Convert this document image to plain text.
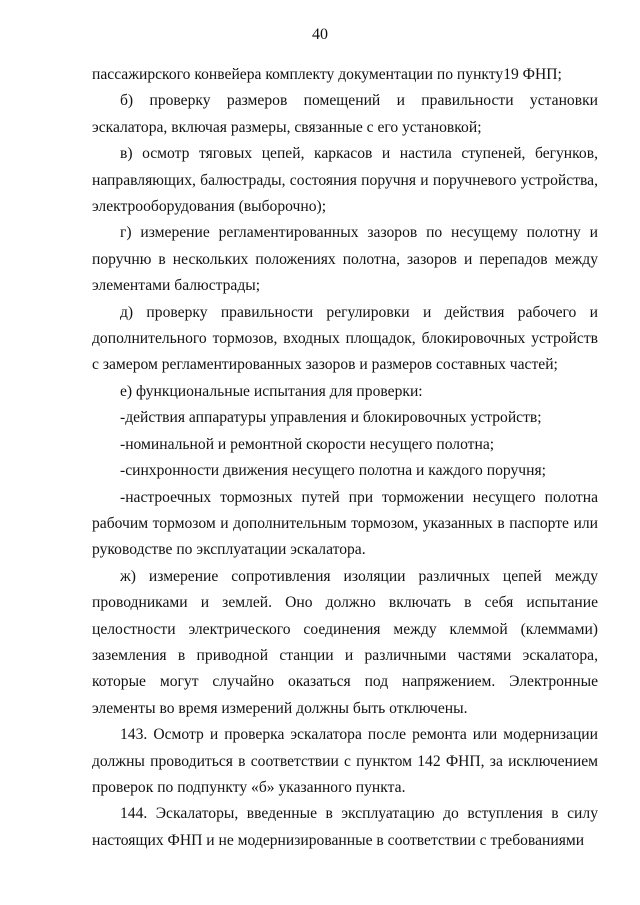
40

пассажирского конвейера комплекту документации по пункту19 ФНП;

б) проверку размеров помещений и правильности установки эскалатора, включая размеры, связанные с его установкой;

в) осмотр тяговых цепей, каркасов и настила ступеней, бегунков, направляющих, балюстрады, состояния поручня и поручневого устройства, электрооборудования (выборочно);

г) измерение регламентированных зазоров по несущему полотну и поручню в нескольких положениях полотна, зазоров и перепадов между элементами балюстрады;

д) проверку правильности регулировки и действия рабочего и дополнительного тормозов, входных площадок, блокировочных устройств с замером регламентированных зазоров и размеров составных частей;

е) функциональные испытания для проверки:

-действия аппаратуры управления и блокировочных устройств;

-номинальной и ремонтной скорости несущего полотна;

-синхронности движения несущего полотна и каждого поручня;

-настроечных тормозных путей при торможении несущего полотна рабочим тормозом и дополнительным тормозом, указанных в паспорте или руководстве по эксплуатации эскалатора.

ж) измерение сопротивления изоляции различных цепей между проводниками и землей. Оно должно включать в себя испытание целостности электрического соединения между клеммой (клеммами) заземления в приводной станции и различными частями эскалатора, которые могут случайно оказаться под напряжением. Электронные элементы во время измерений должны быть отключены.

143. Осмотр и проверка эскалатора после ремонта или модернизации должны проводиться в соответствии с пунктом 142 ФНП, за исключением проверок по подпункту «б» указанного пункта.

144. Эскалаторы, введенные в эксплуатацию до вступления в силу настоящих ФНП и не модернизированные в соответствии с требованиями
